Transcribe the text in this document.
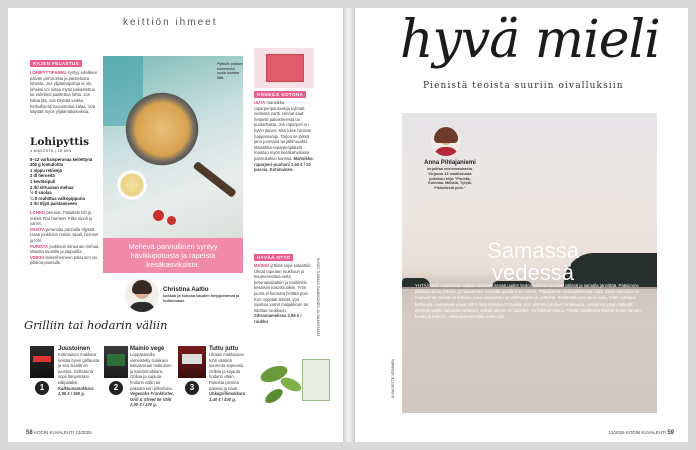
keittiön ihmeet
RAJEN PELASTUS
LOHIPYTTIPANNU syntyy edellisen päivän perunoista ja paistetusta lohesta. Jos ylijäämäpaloja ei ole, loheksi voi ostaa myös pakastettua tai valmiiksi paistettua lohta. Jos kalaa jää, voit käyttää vaikka herkullisesti savustettua kalaa. Voit käyttää myös ylijäämäkasviksia.
Lohipyttis
4 ANNOSTA | 15 MIN
8–12 varhaisperunaa keitettynä
300 g loimulohta
1 nippu retiisejä
2 dl herneitä
1 kevätsipuli
2 rkl sitruunan mehua
½ tl suolaa
¼ tl rouhittua valkopippuria
2 rkl öljyä paistamiseen
LOHKO perunat. Paloittele loh ja retiisit. Rivi herneet. Pilko sipuli ja varret.
PAISTA perunoita pannulla öljyssä. Lisää joukkoon retiisit, sipuli, herneet ja lohi.
PURISTA joukkoon sitruunan mehua. Mausta suolalla ja pippurilla.
VINKKI Sokeriherneen palat sen voi pilkkoa pannulle.
Pyttisiin pääsee kommentoi uusia tuoretta tilliä.
Mehevä pannullinen syntyy hävikkipotuista ja rapeista kesäkasviksista.
Christina Aaltio
kokkaa ja kokoaa kauden helppoimmat ja hulluimmat.
KOKEILE KOTONA
UUTA mansikka-raparperipeuraasija kylmää vedessä vartti. Hinnat saat helposti pakastimesta tai puutarhasta. Jos raparperi on hyvin jäinen, siitä tulee hieman happamampi. Tarjoa se jäissä jano-juomana tai jälkiruuaksi. Mansikka-raparperijäätelö maistuu myös kesäkahvilassa pannukakun kanssa. Mansikka-raparperi-puuhani 2,50 € / 20 pussia. Kotimainen.
HYVÄÄ OTTO
MAINIO yrttiinä sopii salaattiin. Oksat rapeaan ruukkuun ja kuumennettua vettä perunasalaattiin ja muihinkin kesäisiin kasvisruokiin. Yrtin juurta ei kannata heittää pois. Kun nyppäät lehdet, voit sijoittaa varret maljakkoon tai istuttaa ruukkuun. Sitruunamelissa 2,95 € / ruukku	KUVAT TUOMAS SAUKKONEN JA VALMISTAJAT
Grilliin tai hodarin väliin
1
Juustoinen
Kotimainen makkara kestää hyvin grillausta ja sen sisällä on juustoa. Grillattuna sopii lämpimäksi välipalaksi.
Kalkkunamakkara 2,95 € / 360 g.
2
Mainio vege
Leppäsavulla viimeistelty makkara kasvisruuan makuinen ja kasvismakkara. Grillaa ja sujauta hodarin väliin tai pakasta sen pilkottuna.
Vegenaks Frankfurter, Grill & Street 5e Välit 2,50 € / 220 g.
3
Tuttu juttu
Uhaasi makkaraan tuhti väärinä suurenta sopivasti. Grillaa ja sujauta hodarin väliin. Pakasta pieninä paloina ja nauti.
Uhkagrillimakkara 3,40 € / 400 g.
58 KODIN KUVALEHTI 13/2025
hyvä mieli
Pienistä teoista suuriin oivalluksiin
Anna Pihlajaniemi
kirjoittaa mielenrauhasta. Kirjassa 12 maaliskuuta julkaistu kirja "Pimeää, Kolmiaa. Mähkiä, Tyhjiä. Pikkutiesiä pois."
Samassa vedessä
YHTÄÄKKIÄ maailmaan saapuu keskellä kesää uuden tiedon tullessa vuosien välissä ja samalla jännittää. Pääsimme pitkästä aikaa yhteen, ja nauroimme samoille jutuille kuin ennen. Päädyimme keskustelemaan siitä, miten kasvatus on muovannut meistä ne ihmiset, joina toimimme nyt vanhempina ja ystävinä. Keskustelussa nousi esiin, miten samaan kulttuuriin kasvaneet voivat silti kokea elämän eri tavalla. Kun olimme jutelleet tuntikausia, ymmärsin jotain tärkeää: olemme kaikki samassa vedessä, vaikka uimme eri suuntiin. Se lohdutti minua. Päivän päätteeksi kävelin kotiin rannan kautta ja katsoin, miten aurinko laski veden ylle.
KUVA SETTE VESANEN
13/2025 KODIN KUVALEHTI 59
